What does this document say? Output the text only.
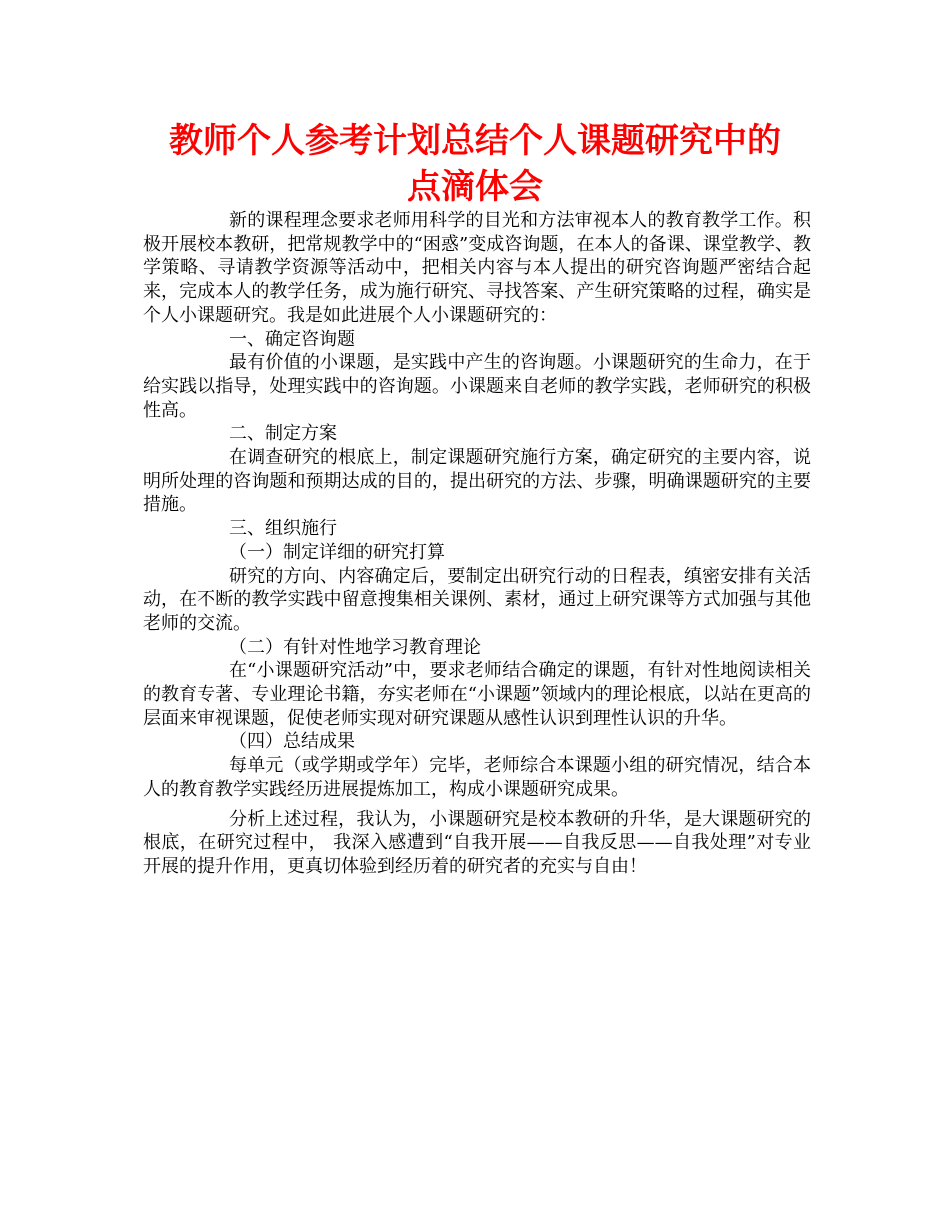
教师个人参考计划总结个人课题研究中的
点滴体会

新的课程理念要求老师用科学的目光和方法审视本人的教育教学工作。积极开展校本教研，把常规教学中的“困惑”变成咨询题，在本人的备课、课堂教学、教学策略、寻请教学资源等活动中，把相关内容与本人提出的研究咨询题严密结合起来，完成本人的教学任务，成为施行研究、寻找答案、产生研究策略的过程，确实是个人小课题研究。我是如此进展个人小课题研究的：

一、确定咨询题

最有价值的小课题，是实践中产生的咨询题。小课题研究的生命力，在于给实践以指导，处理实践中的咨询题。小课题来自老师的教学实践，老师研究的积极性高。

二、制定方案

在调查研究的根底上，制定课题研究施行方案，确定研究的主要内容，说明所处理的咨询题和预期达成的目的，提出研究的方法、步骤，明确课题研究的主要措施。

三、组织施行

（一）制定详细的研究打算

研究的方向、内容确定后，要制定出研究行动的日程表，缜密安排有关活动，在不断的教学实践中留意搜集相关课例、素材，通过上研究课等方式加强与其他老师的交流。

（二）有针对性地学习教育理论

在“小课题研究活动”中，要求老师结合确定的课题，有针对性地阅读相关的教育专著、专业理论书籍，夯实老师在“小课题”领域内的理论根底，以站在更高的层面来审视课题，促使老师实现对研究课题从感性认识到理性认识的升华。

（四）总结成果

每单元（或学期或学年）完毕，老师综合本课题小组的研究情况，结合本人的教育教学实践经历进展提炼加工，构成小课题研究成果。

分析上述过程，我认为，小课题研究是校本教研的升华，是大课题研究的根底，在研究过程中， 我深入感遭到“自我开展——自我反思——自我处理”对专业开展的提升作用，更真切体验到经历着的研究者的充实与自由！
